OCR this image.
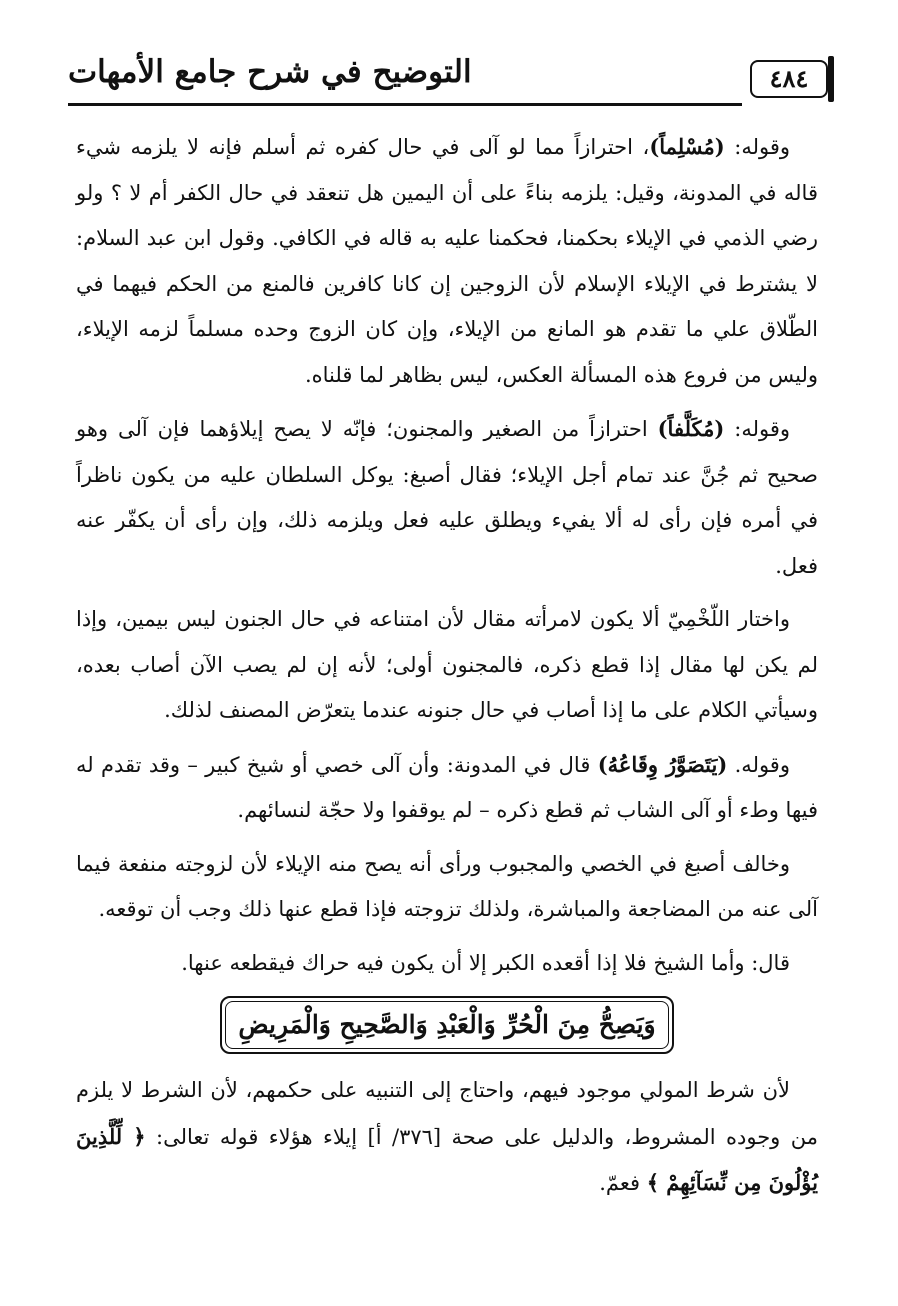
التوضيح في شرح جامع الأمهات	٤٨٤

وقوله: (مُسْلِماً)، احترازاً مما لو آلى في حال كفره ثم أسلم فإنه لا يلزمه شيء قاله في المدونة، وقيل: يلزمه بناءً على أن اليمين هل تنعقد في حال الكفر أم لا ؟ ولو رضي الذمي في الإيلاء بحكمنا، فحكمنا عليه به قاله في الكافي. وقول ابن عبد السلام: لا يشترط في الإيلاء الإسلام لأن الزوجين إن كانا كافرين فالمنع من الحكم فيهما في الطّلاق علي ما تقدم هو المانع من الإيلاء، وإن كان الزوج وحده مسلماً لزمه الإيلاء، وليس من فروع هذه المسألة العكس، ليس بظاهر لما قلناه.

وقوله: (مُكَلَّفاً) احترازاً من الصغير والمجنون؛ فإنّه لا يصح إيلاؤهما فإن آلى وهو صحيح ثم جُنَّ عند تمام أجل الإيلاء؛ فقال أصبغ: يوكل السلطان عليه من يكون ناظراً في أمره فإن رأى له ألا يفيء ويطلق عليه فعل ويلزمه ذلك، وإن رأى أن يكفّر عنه فعل.

واختار اللّخْمِيّ ألا يكون لامرأته مقال لأن امتناعه في حال الجنون ليس بيمين، وإذا لم يكن لها مقال إذا قطع ذكره، فالمجنون أولى؛ لأنه إن لم يصب الآن أصاب بعده، وسيأتي الكلام على ما إذا أصاب في حال جنونه عندما يتعرّض المصنف لذلك.

وقوله. (يَتَصَوَّرُ وِقَاعُهُ) قال في المدونة: وأن آلى خصي أو شيخ كبير – وقد تقدم له فيها وطء أو آلى الشاب ثم قطع ذكره – لم يوقفوا ولا حجّة لنسائهم.

وخالف أصبغ في الخصي والمجبوب ورأى أنه يصح منه الإيلاء لأن لزوجته منفعة فيما آلى عنه من المضاجعة والمباشرة، ولذلك تزوجته فإذا قطع عنها ذلك وجب أن توقعه.

قال: وأما الشيخ فلا إذا أقعده الكبر إلا أن يكون فيه حراك فيقطعه عنها.

وَيَصِحُّ مِنَ الْحُرِّ وَالْعَبْدِ وَالصَّحِيحِ وَالْمَرِيضِ

لأن شرط المولي موجود فيهم، واحتاج إلى التنبيه على حكمهم، لأن الشرط لا يلزم من وجوده المشروط، والدليل على صحة [٣٧٦/ أ] إيلاء هؤلاء قوله تعالى: ﴿ لِّلَّذِينَ يُؤْلُونَ مِن نِّسَآئِهِمْ ﴾ فعمّ.
